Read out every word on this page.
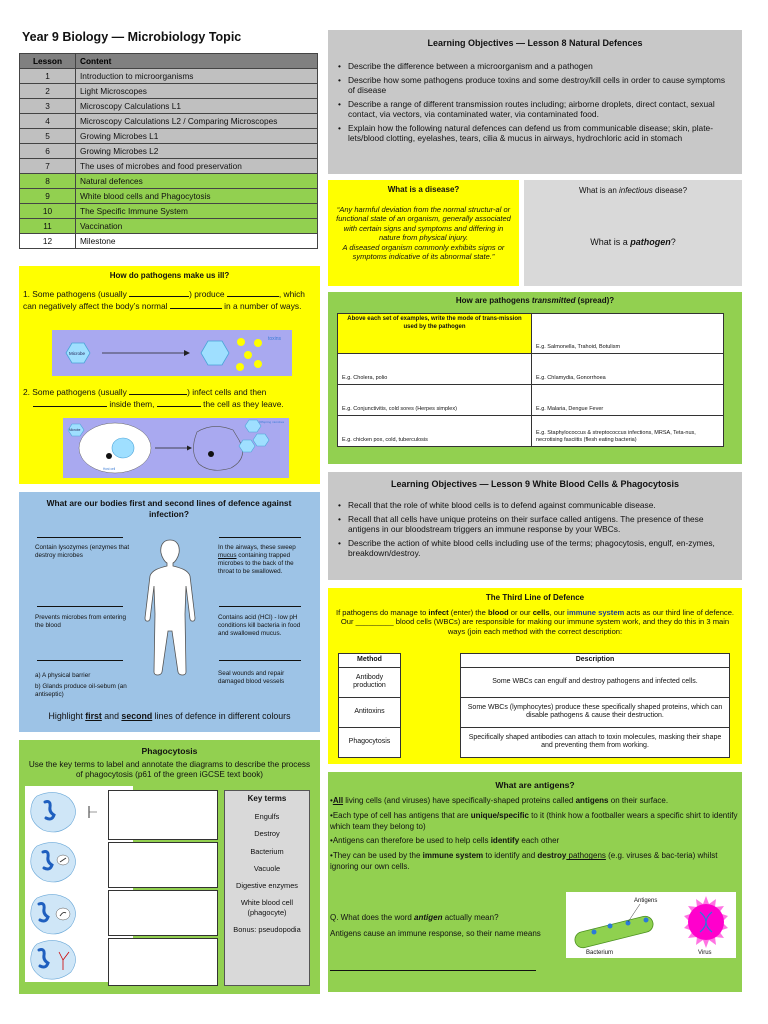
Year 9 Biology — Microbiology Topic
Lesson	Content
1	Introduction to microorganisms
2	Light Microscopes
3	Microscopy Calculations L1
4	Microscopy Calculations L2 / Comparing Microscopes
5	Growing Microbes L1
6	Growing Microbes L2
7	The uses of microbes and food preservation
8	Natural defences
9	White blood cells and Phagocytosis
10	The Specific Immune System
11	Vaccination
12	Milestone
Learning Objectives — Lesson 8 Natural Defences
• Describe the difference between a microorganism and a pathogen
• Describe how some pathogens produce toxins and some destroy/kill cells in order to cause symptoms of disease
• Describe a range of different transmission routes including; airborne droplets, direct contact, sexual contact, via vectors, via contaminated water, via contaminated food.
• Explain how the following natural defences can defend us from communicable disease; skin, plate-lets/blood clotting, eyelashes, tears, cilia & mucus in airways, hydrochloric acid in stomach
What is a disease?
“Any harmful deviation from the normal structur-al or functional state of an organism, generally associated with certain signs and symptoms and differing in nature from physical injury.
A diseased organism commonly exhibits signs or symptoms indicative of its abnormal state.”
What is an infectious disease?
What is a pathogen?
How do pathogens make us ill?
1. Some pathogens (usually	) produce	, which can negatively affect the body’s normal	in a number of ways.
Microbe
toxins
2. Some pathogens (usually	) infect cells and then
inside them,	the cell as they leave.
Microbe
Host cell
Offspring microbes
How are pathogens transmitted (spread)?
Above each set of examples, write the mode of trans-mission used by the pathogen	E.g. Salmonella, Trahoid, Botulism
E.g. Cholera, polio	E.g. Chlamydia, Gonorrhoea
E.g. Conjunctivitis, cold sores (Herpes simplex)	E.g. Malaria, Dengue Fever
E.g. chicken pox, cold, tuberculosis	E.g. Staphylococcus & streptococcus infections, MRSA, Teta-nus, necrotising fasciitis (flesh eating bacteria)
Learning Objectives — Lesson 9 White Blood Cells & Phagocytosis
• Recall that the role of white blood cells is to defend against communicable disease.
• Recall that all cells have unique proteins on their surface called antigens. The presence of these antigens in our bloodstream triggers an immune response by your WBCs.
• Describe the action of white blood cells including use of the terms; phagocytosis, engulf, en-zymes, breakdown/destroy.
What are our bodies first and second lines of defence against infection?
Contain lysozymes (enzymes that destroy microbes
In the airways, these sweep mucus containing trapped microbes to the back of the throat to be swallowed.
Prevents microbes from entering the blood
Contains acid (HCl) - low pH conditions kill bacteria in food and swallowed mucus.
a) A physical barrier
b) Glands produce oil-sebum (an antiseptic)
Seal wounds and repair damaged blood vessels
Highlight first and second lines of defence in different colours
The Third Line of Defence
If pathogens do manage to infect (enter) the blood or our cells, our immune system acts as our third line of defence. Our _________ blood cells (WBCs) are responsible for making our immune system work, and they do this in 3 main ways (join each method with the correct description:
Method		Description
Antibody production		Some WBCs can engulf and destroy pathogens and infected cells.
Antitoxins		Some WBCs (lymphocytes) produce these specifically shaped proteins, which can disable pathogens & cause their destruction.
Phagocytosis		Specifically shaped antibodies can attach to toxin molecules, masking their shape and preventing them from working.
Phagocytosis
Use the key terms to label and annotate the diagrams to describe the process of phagocytosis (p61 of the green iGCSE text book)
Key terms
Engulfs
Destroy
Bacterium
Vacuole
Digestive enzymes
White blood cell (phagocyte)
Bonus: pseudopodia
What are antigens?
•All living cells (and viruses) have specifically-shaped proteins called antigens on their surface.
•Each type of cell has antigens that are unique/specific to it (think how a footballer wears a specific shirt to identify which team they belong to)
•Antigens can therefore be used to help cells identify each other
•They can be used by the immune system to identify and destroy pathogens (e.g. viruses & bac-teria) whilst ignoring our own cells.
Q. What does the word antigen actually mean?
Antigens cause an immune response, so their name means
Antigens
Bacterium	Virus
